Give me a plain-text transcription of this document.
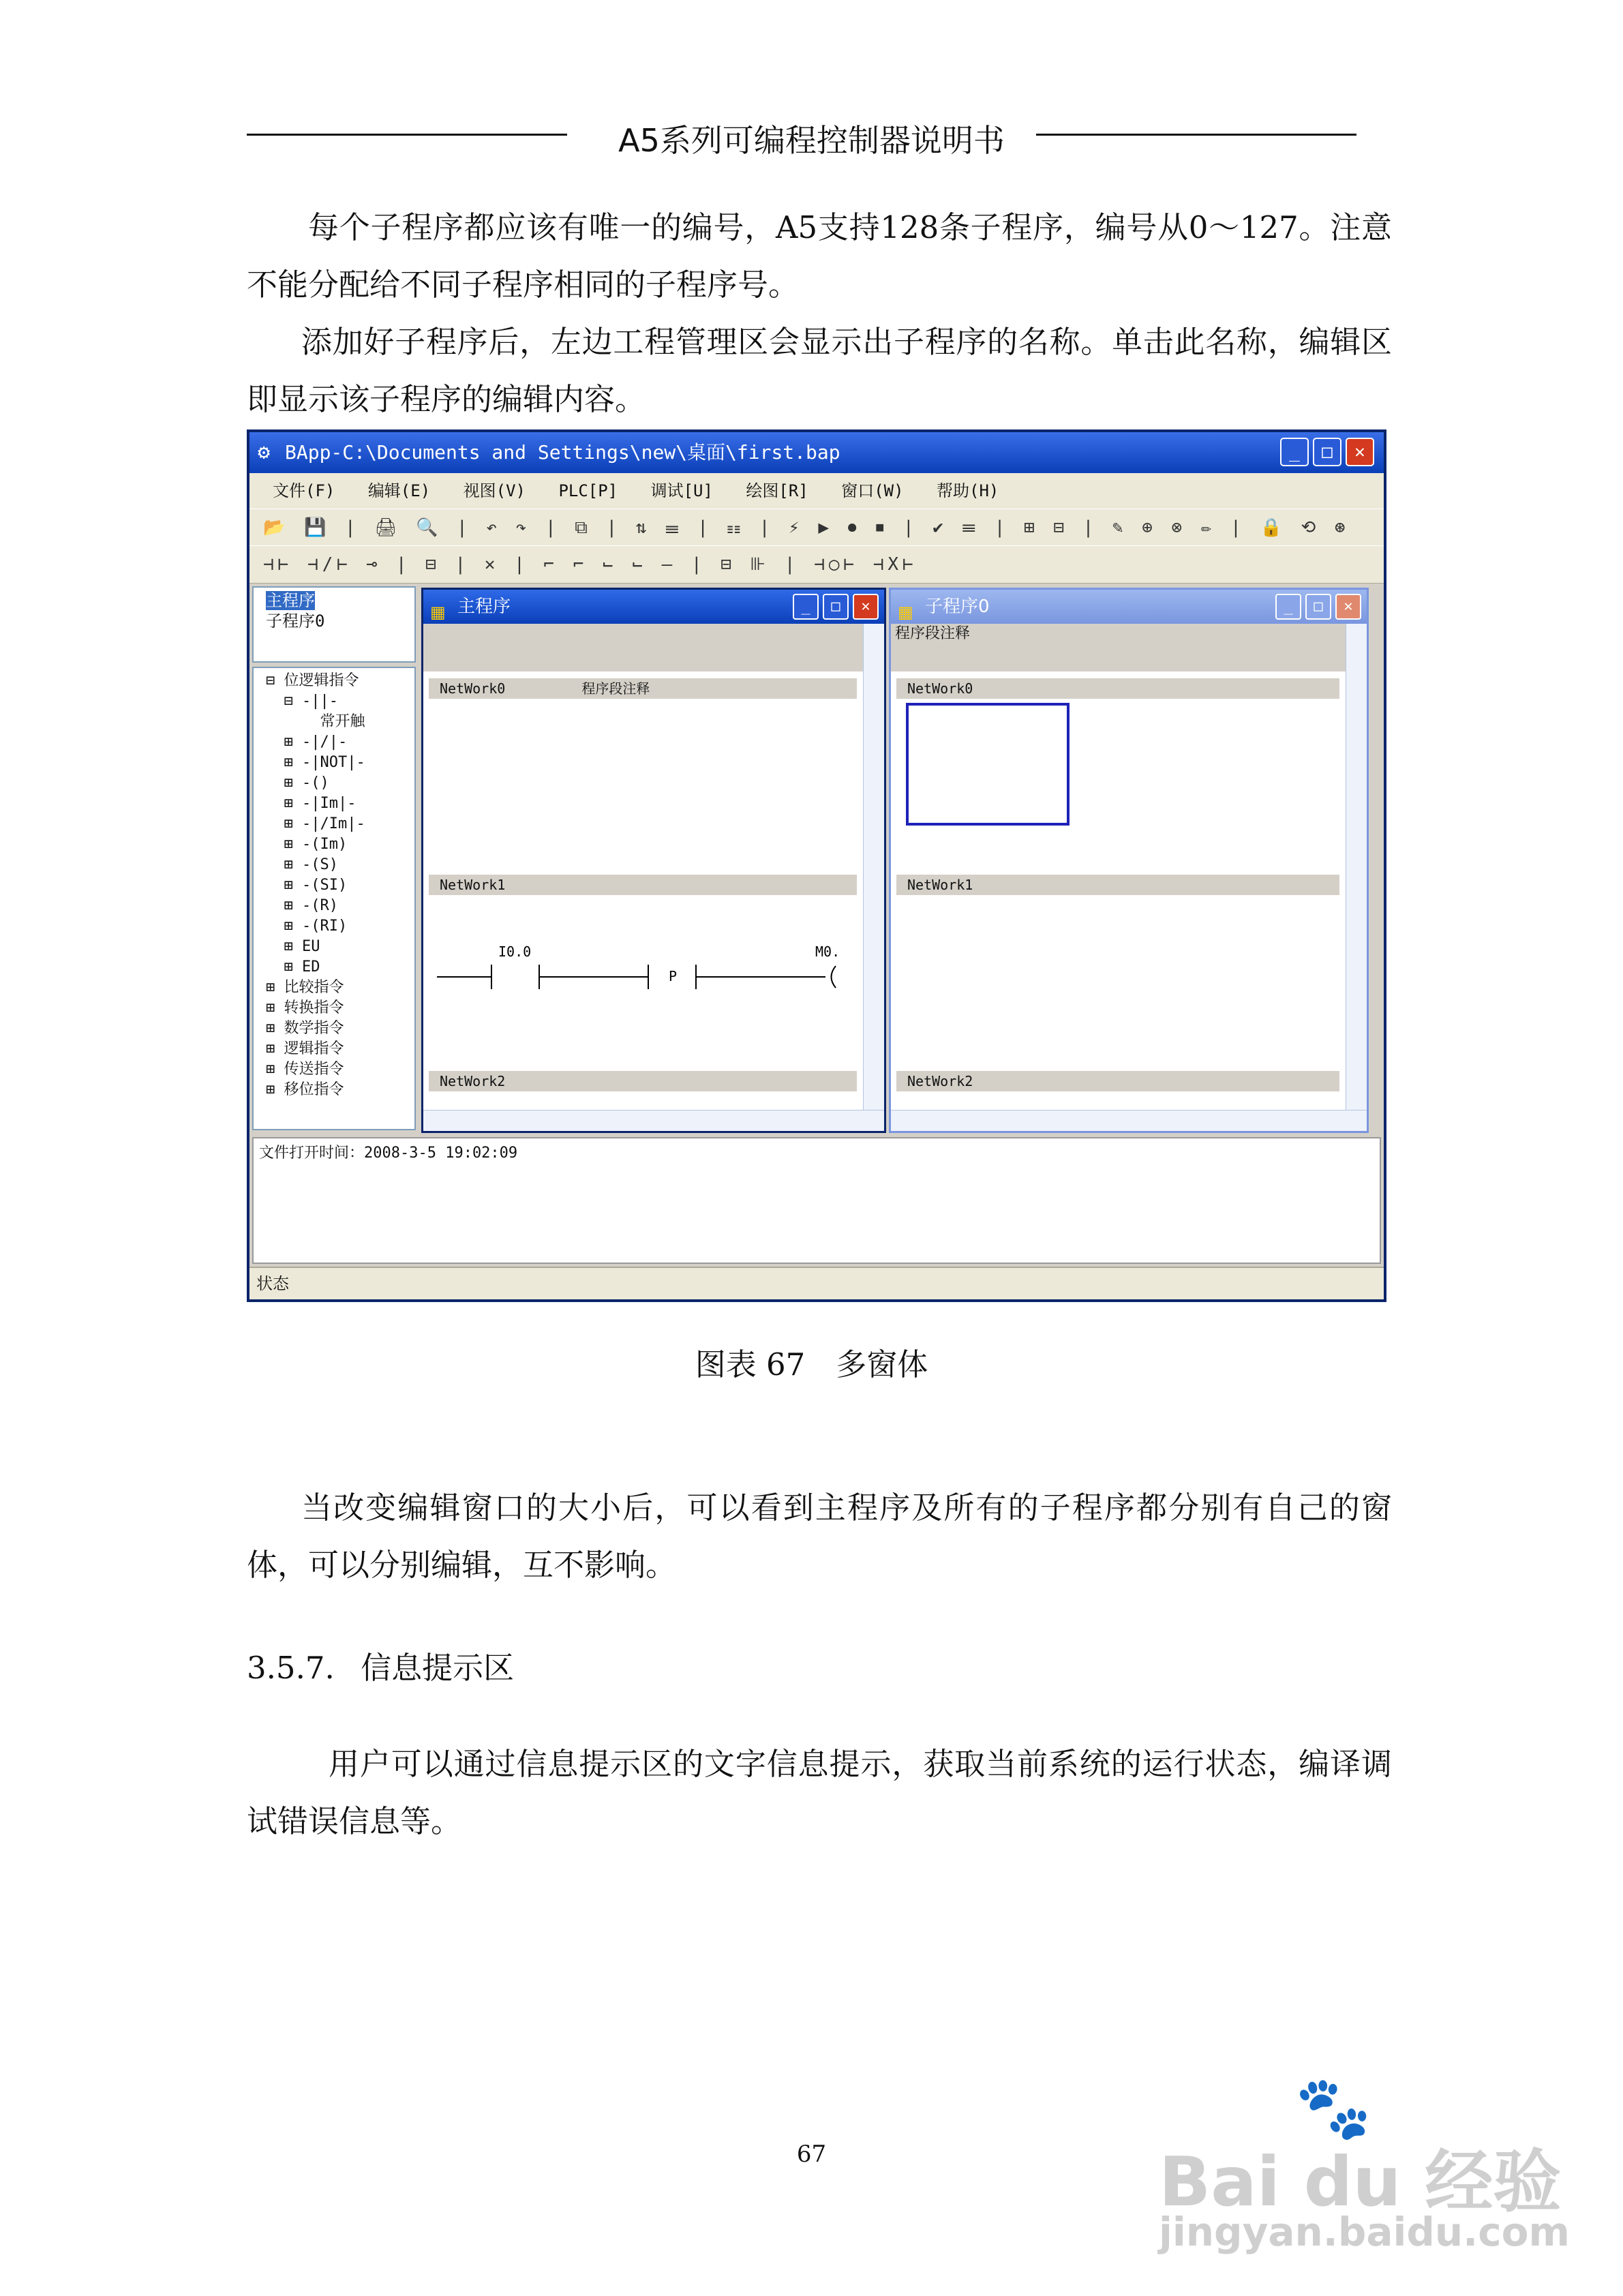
A5系列可编程控制器说明书
每个子程序都应该有唯一的编号，A5支持128条子程序，编号从0～127。注意不能分配给不同子程序相同的子程序号。
添加好子程序后，左边工程管理区会显示出子程序的名称。单击此名称，编辑区即显示该子程序的编辑内容。
⚙ BApp-C:\Documents and Settings\new\桌面\first.bap	_	□	✕
文件(F) 编辑(E) 视图(V) PLC[P] 调试[U] 绘图[R] 窗口(W) 帮助(H)
📂 💾 | 🖨 🔍 | ↶ ↷ | ⧉ | ⇅ ☰ | ☷ | ⚡ ▶ ⏺ ⏹ | ✔ ☰ | ⊞ ⊟ | ✎ ⊕ ⊗ ✏ | 🔒 ⟲ ⊛
⊣⊢ ⊣/⊢ ⊸ | ⊟ | ✕ | ⌐ ⌐ ⌙ ⌙ — | ⊟ ⊪ | ⊣○⊢ ⊣X⊢
主程序
子程序0
⊟ 位逻辑指令
⊟ -||-
常开触
⊞ -|/|-
⊞ -|NOT|-
⊞ -()
⊞ -|Im|-
⊞ -|/Im|-
⊞ -(Im)
⊞ -(S)
⊞ -(SI)
⊞ -(R)
⊞ -(RI)
⊞ EU
⊞ ED
⊞ 比较指令
⊞ 转换指令
⊞ 数学指令
⊞ 逻辑指令
⊞ 传送指令
⊞ 移位指令
▦ 主程序	_	□	✕
NetWork0	程序段注释
NetWork1
I0.0
P
M0.
NetWork2
▦ 子程序0	_	□	✕
程序段注释
NetWork0
NetWork1
NetWork2
文件打开时间：2008-3-5 19:02:09
状态
图表 67　多窗体
当改变编辑窗口的大小后，可以看到主程序及所有的子程序都分别有自己的窗体，可以分别编辑，互不影响。
3.5.7. 信息提示区
用户可以通过信息提示区的文字信息提示，获取当前系统的运行状态，编译调试错误信息等。
67
🐾
Bai du 经验
jingyan.baidu.com
